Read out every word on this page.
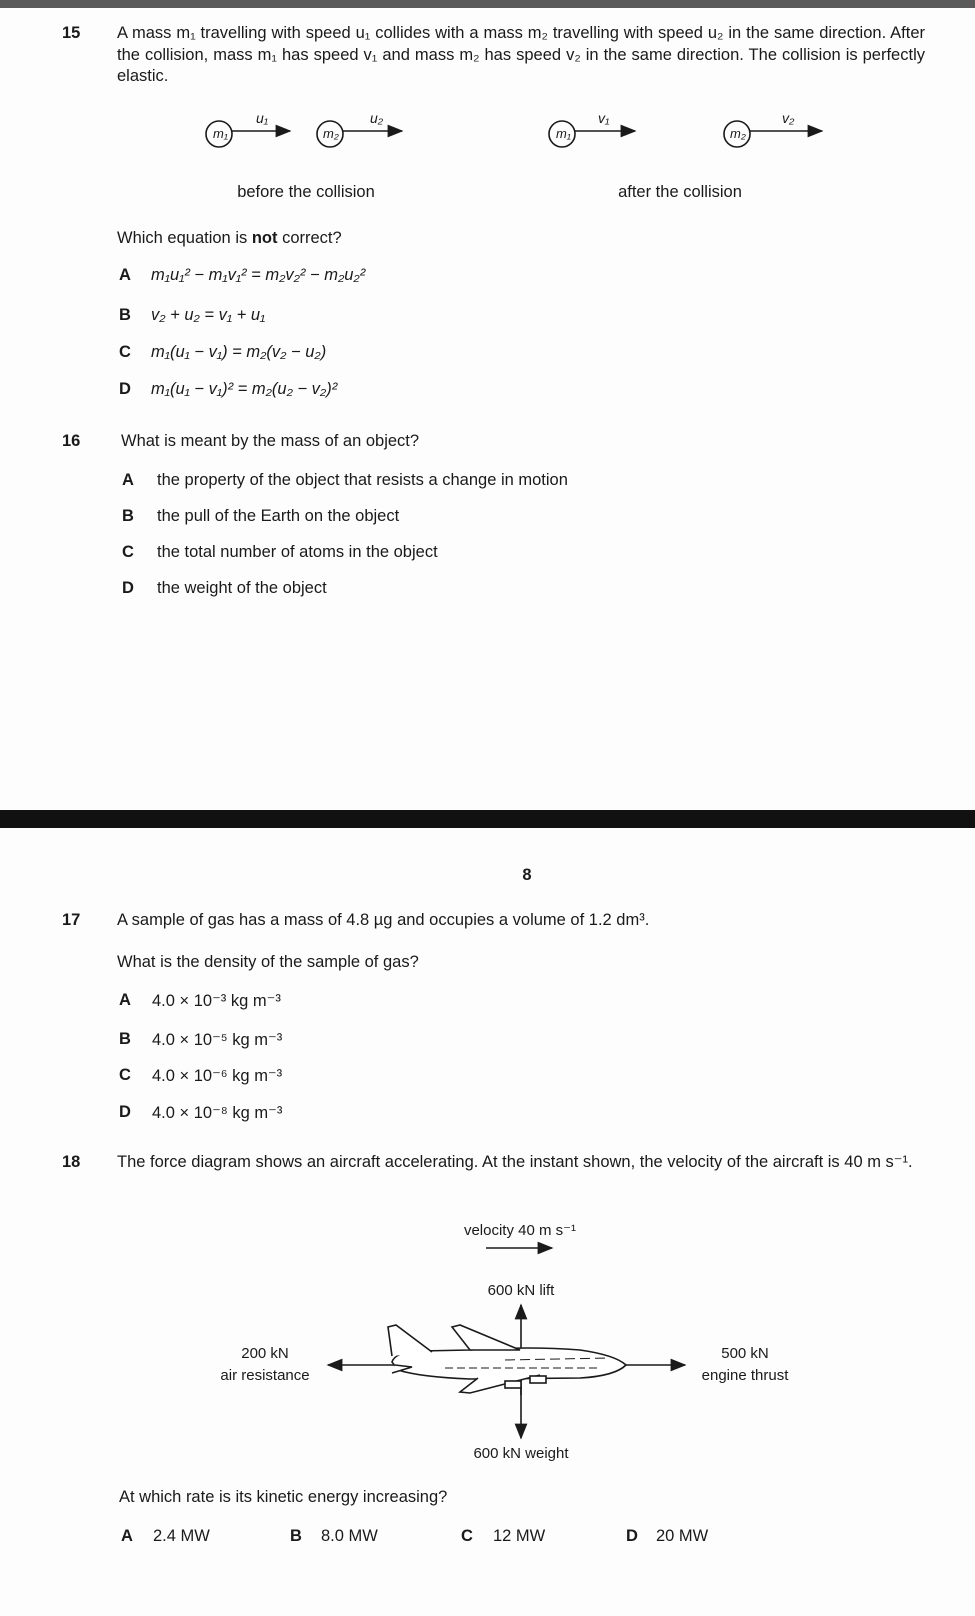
15 A mass m₁ travelling with speed u₁ collides with a mass m₂ travelling with speed u₂ in the same direction. After the collision, mass m₁ has speed v₁ and mass m₂ has speed v₂ in the same direction. The collision is perfectly elastic.
m₁
u₁
m₂
u₂
m₁
v₁
m₂
v₂
before the collision	after the collision
Which equation is not correct?
A m₁u₁² − m₁v₁² = m₂v₂² − m₂u₂²
B v₂ + u₂ = v₁ + u₁
C m₁(u₁ − v₁) = m₂(v₂ − u₂)
D m₁(u₁ − v₁)² = m₂(u₂ − v₂)²
16 What is meant by the mass of an object?
A the property of the object that resists a change in motion
B the pull of the Earth on the object
C the total number of atoms in the object
D the weight of the object
8
17 A sample of gas has a mass of 4.8 µg and occupies a volume of 1.2 dm³.
What is the density of the sample of gas?
A 4.0 × 10⁻³ kg m⁻³
B 4.0 × 10⁻⁵ kg m⁻³
C 4.0 × 10⁻⁶ kg m⁻³
D 4.0 × 10⁻⁸ kg m⁻³
18 The force diagram shows an aircraft accelerating. At the instant shown, the velocity of the aircraft is 40 m s⁻¹.
velocity 40 m s⁻¹
600 kN lift
200 kN
air resistance
500 kN
engine thrust
600 kN weight
At which rate is its kinetic energy increasing?
A 2.4 MW	B 8.0 MW	C 12 MW	D 20 MW
